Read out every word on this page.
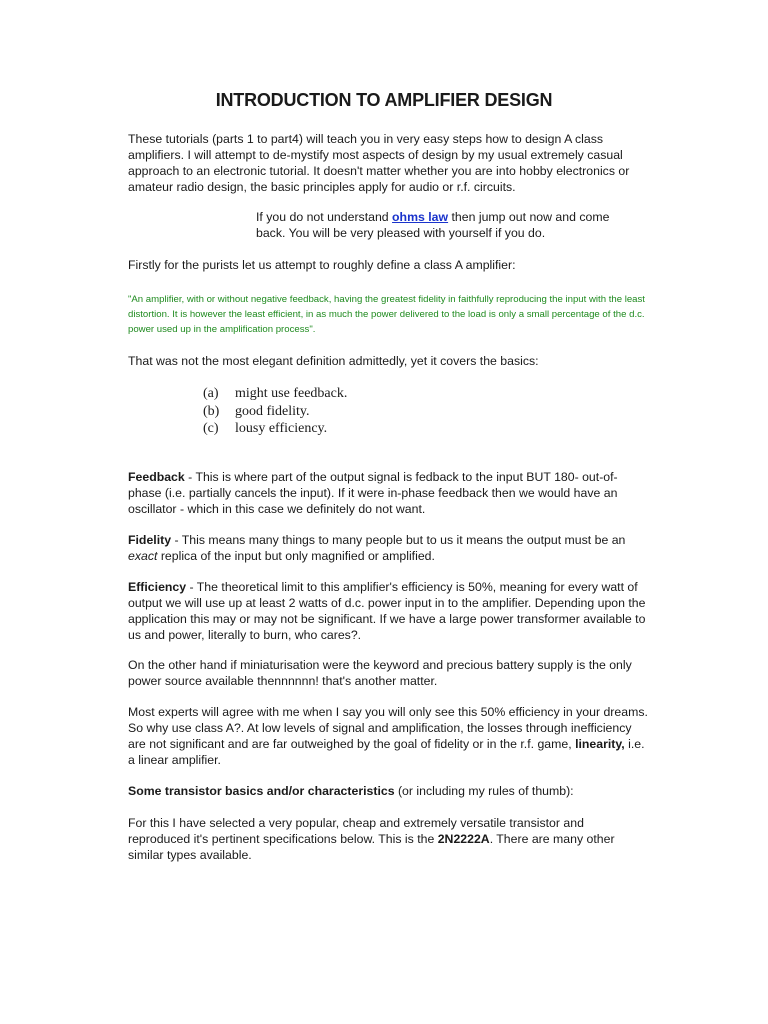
INTRODUCTION TO AMPLIFIER DESIGN

These tutorials (parts 1 to part4) will teach you in very easy steps how to design A class amplifiers. I will attempt to de-mystify most aspects of design by my usual extremely casual approach to an electronic tutorial. It doesn't matter whether you are into hobby electronics or amateur radio design, the basic principles apply for audio or r.f. circuits.

If you do not understand ohms law then jump out now and come back. You will be very pleased with yourself if you do.

Firstly for the purists let us attempt to roughly define a class A amplifier:

"An amplifier, with or without negative feedback, having the greatest fidelity in faithfully reproducing the input with the least distortion. It is however the least efficient, in as much the power delivered to the load is only a small percentage of the d.c. power used up in the amplification process".

That was not the most elegant definition admittedly, yet it covers the basics:

(a)	might use feedback.
(b)	good fidelity.
(c)	lousy efficiency.

Feedback - This is where part of the output signal is fedback to the input BUT 180- out-of-phase (i.e. partially cancels the input). If it were in-phase feedback then we would have an oscillator - which in this case we definitely do not want.

Fidelity - This means many things to many people but to us it means the output must be an exact replica of the input but only magnified or amplified.

Efficiency - The theoretical limit to this amplifier's efficiency is 50%, meaning for every watt of output we will use up at least 2 watts of d.c. power input in to the amplifier. Depending upon the application this may or may not be significant. If we have a large power transformer available to us and power, literally to burn, who cares?.

On the other hand if miniaturisation were the keyword and precious battery supply is the only power source available thennnnnn! that's another matter.

Most experts will agree with me when I say you will only see this 50% efficiency in your dreams. So why use class A?. At low levels of signal and amplification, the losses through inefficiency are not significant and are far outweighed by the goal of fidelity or in the r.f. game, linearity, i.e. a linear amplifier.

Some transistor basics and/or characteristics (or including my rules of thumb):

For this I have selected a very popular, cheap and extremely versatile transistor and reproduced it's pertinent specifications below. This is the 2N2222A. There are many other similar types available.
